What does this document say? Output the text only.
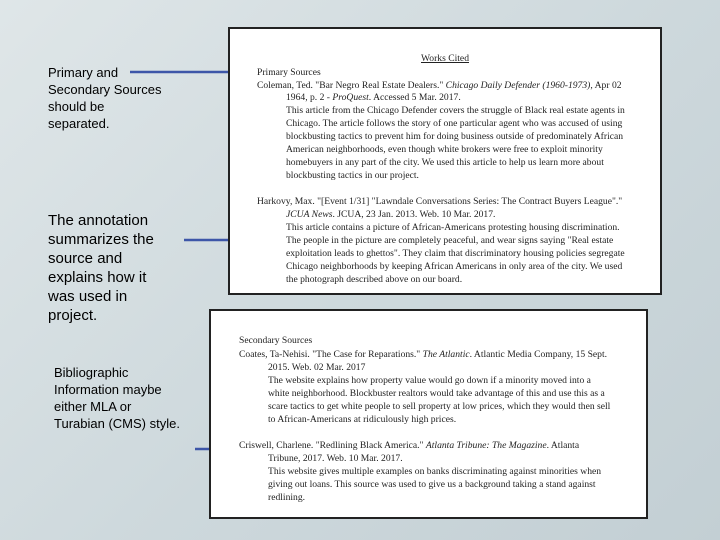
Primary and
Secondary Sources
should be
separated.
The annotation
summarizes the
source and
explains how it
was used in
project.
Bibliographic
Information maybe
either MLA or
Turabian (CMS) style.
Works Cited
Primary Sources
Coleman, Ted. "Bar Negro Real Estate Dealers." Chicago Daily Defender (1960-1973), Apr 02
1964, p. 2 - ProQuest. Accessed 5 Mar. 2017.
This article from the Chicago Defender covers the struggle of Black real estate agents in
Chicago. The article follows the story of one particular agent who was accused of using
blockbusting tactics to prevent him for doing business outside of predominately African
American neighborhoods, even though white brokers were free to exploit minority
homebuyers in any part of the city. We used this article to help us learn more about
blockbusting tactics in our project.
Harkovy, Max. "[Event 1/31] "Lawndale Conversations Series: The Contract Buyers League"."
JCUA News. JCUA, 23 Jan. 2013. Web. 10 Mar. 2017.
This article contains a picture of African-Americans protesting housing discrimination.
The people in the picture are completely peaceful, and wear signs saying "Real estate
exploitation leads to ghettos". They claim that discriminatory housing policies segregate
Chicago neighborhoods by keeping African Americans in only area of the city. We used
the photograph described above on our board.
Secondary Sources
Coates, Ta-Nehisi. "The Case for Reparations." The Atlantic. Atlantic Media Company, 15 Sept.
2015. Web. 02 Mar. 2017
The website explains how property value would go down if a minority moved into a
white neighborhood. Blockbuster realtors would take advantage of this and use this as a
scare tactics to get white people to sell property at low prices, which they would then sell
to African-Americans at ridiculously high prices.
Criswell, Charlene. "Redlining Black America." Atlanta Tribune: The Magazine. Atlanta
Tribune, 2017. Web. 10 Mar. 2017.
This website gives multiple examples on banks discriminating against minorities when
giving out loans. This source was used to give us a background taking a stand against
redlining.
